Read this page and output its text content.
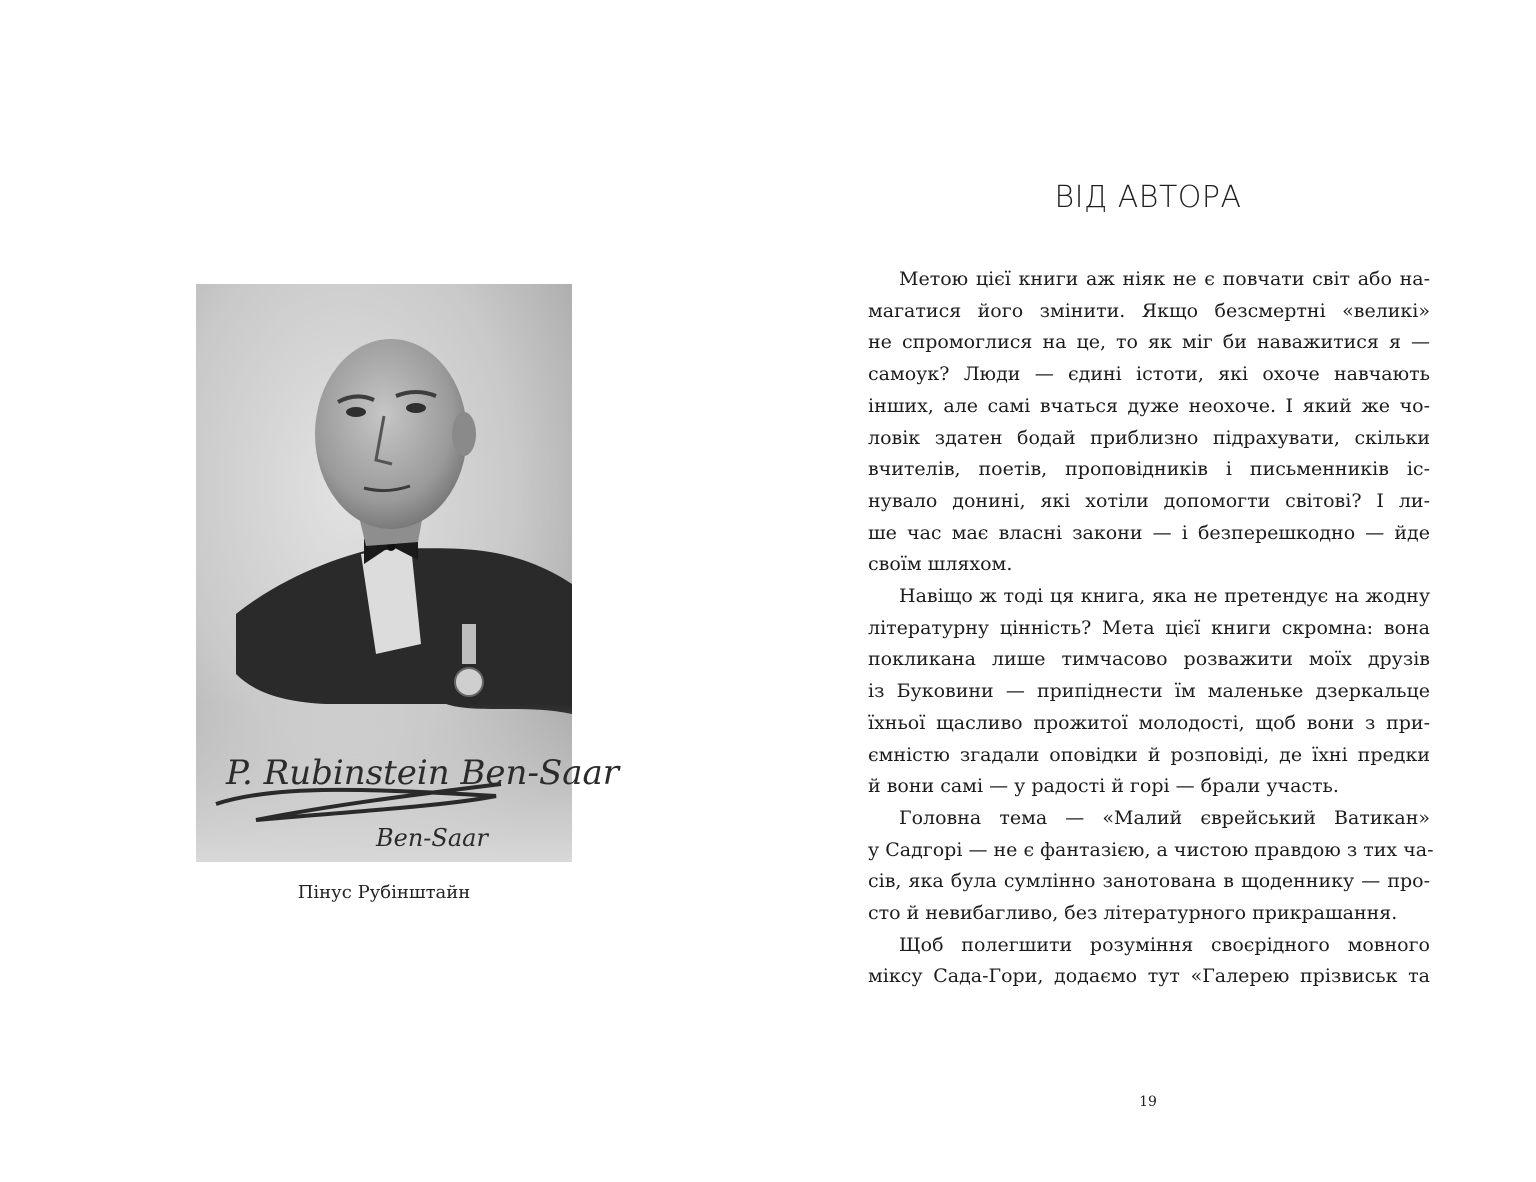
P. Rubinstein Ben-Saar
Ben-Saar
Пінус Рубінштайн
ВІД АВТОРА
Метою цієї книги аж ніяк не є повчати світ або на-
магатися його змінити. Якщо безсмертні «великі»
не спромоглися на це, то як міг би наважитися я —
самоук? Люди — єдині істоти, які охоче навчають
інших, але самі вчаться дуже неохоче. І який же чо-
ловік здатен бодай приблизно підрахувати, скільки
вчителів, поетів, проповідників і письменників іс-
нувало донині, які хотіли допомогти світові? І ли-
ше час має власні закони — і безперешкодно — йде
своїм шляхом.
Навіщо ж тоді ця книга, яка не претендує на жодну
літературну цінність? Мета цієї книги скромна: вона
покликана лише тимчасово розважити моїх друзів
із Буковини — припіднести їм маленьке дзеркальце
їхньої щасливо прожитої молодості, щоб вони з при-
ємністю згадали оповідки й розповіді, де їхні предки
й вони самі — у радості й горі — брали участь.
Головна тема — «Малий єврейський Ватикан»
у Садгорі — не є фантазією, а чистою правдою з тих ча-
сів, яка була сумлінно занотована в щоденнику — про-
сто й невибагливо, без літературного прикрашання.
Щоб полегшити розуміння своєрідного мовного
міксу Сада-Гори, додаємо тут «Галерею прізвиськ та
19
